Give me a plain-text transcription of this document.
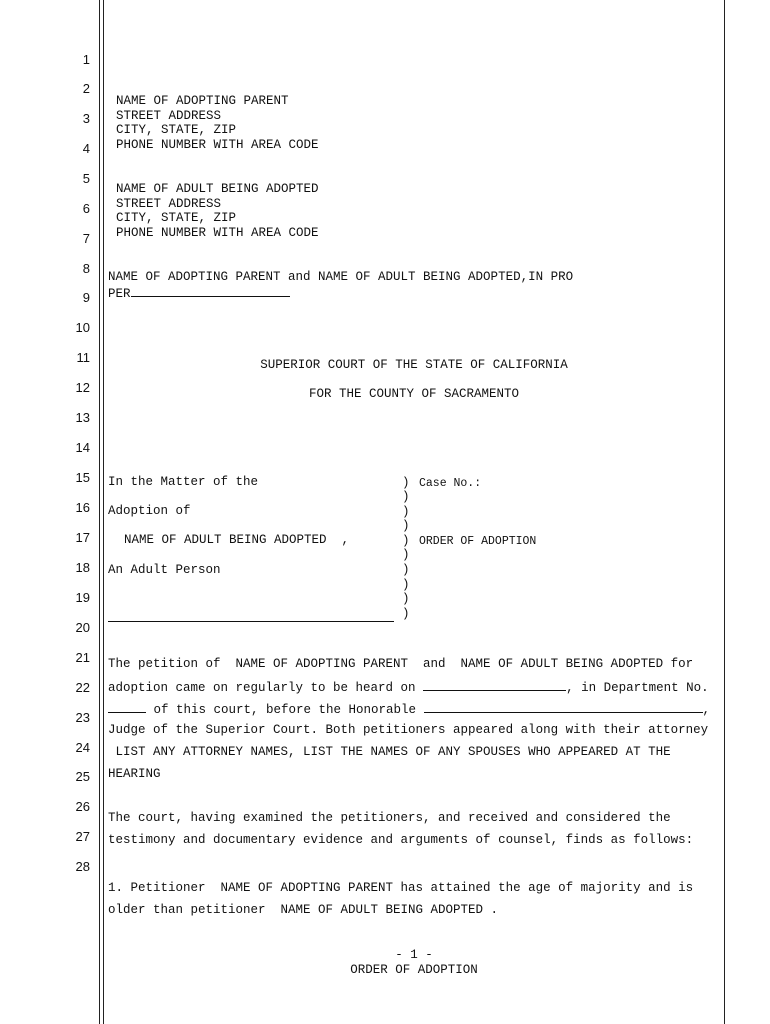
1
2
3
4
5
6
7
8
9
10
11
12
13
14
15
16
17
18
19
20
21
22
23
24
25
26
27
28
NAME OF ADOPTING PARENT
STREET ADDRESS
CITY, STATE, ZIP
PHONE NUMBER WITH AREA CODE
NAME OF ADULT BEING ADOPTED
STREET ADDRESS
CITY, STATE, ZIP
PHONE NUMBER WITH AREA CODE
NAME OF ADOPTING PARENT and NAME OF ADULT BEING ADOPTED,IN PRO
PER
SUPERIOR COURT OF THE STATE OF CALIFORNIA
FOR THE COUNTY OF SACRAMENTO
In the Matter of the
Adoption of
NAME OF ADULT BEING ADOPTED  ,
An Adult Person
)
)
)
)
)
)
)
)
)
)
Case No.:
ORDER OF ADOPTION
The petition of  NAME OF ADOPTING PARENT  and  NAME OF ADULT BEING ADOPTED for
adoption came on regularly to be heard on	, in Department No.
of this court, before the Honorable	,
Judge of the Superior Court. Both petitioners appeared along with their attorney
LIST ANY ATTORNEY NAMES, LIST THE NAMES OF ANY SPOUSES WHO APPEARED AT THE
HEARING
The court, having examined the petitioners, and received and considered the
testimony and documentary evidence and arguments of counsel, finds as follows:
1. Petitioner  NAME OF ADOPTING PARENT has attained the age of majority and is
older than petitioner  NAME OF ADULT BEING ADOPTED .
- 1 -
ORDER OF ADOPTION
